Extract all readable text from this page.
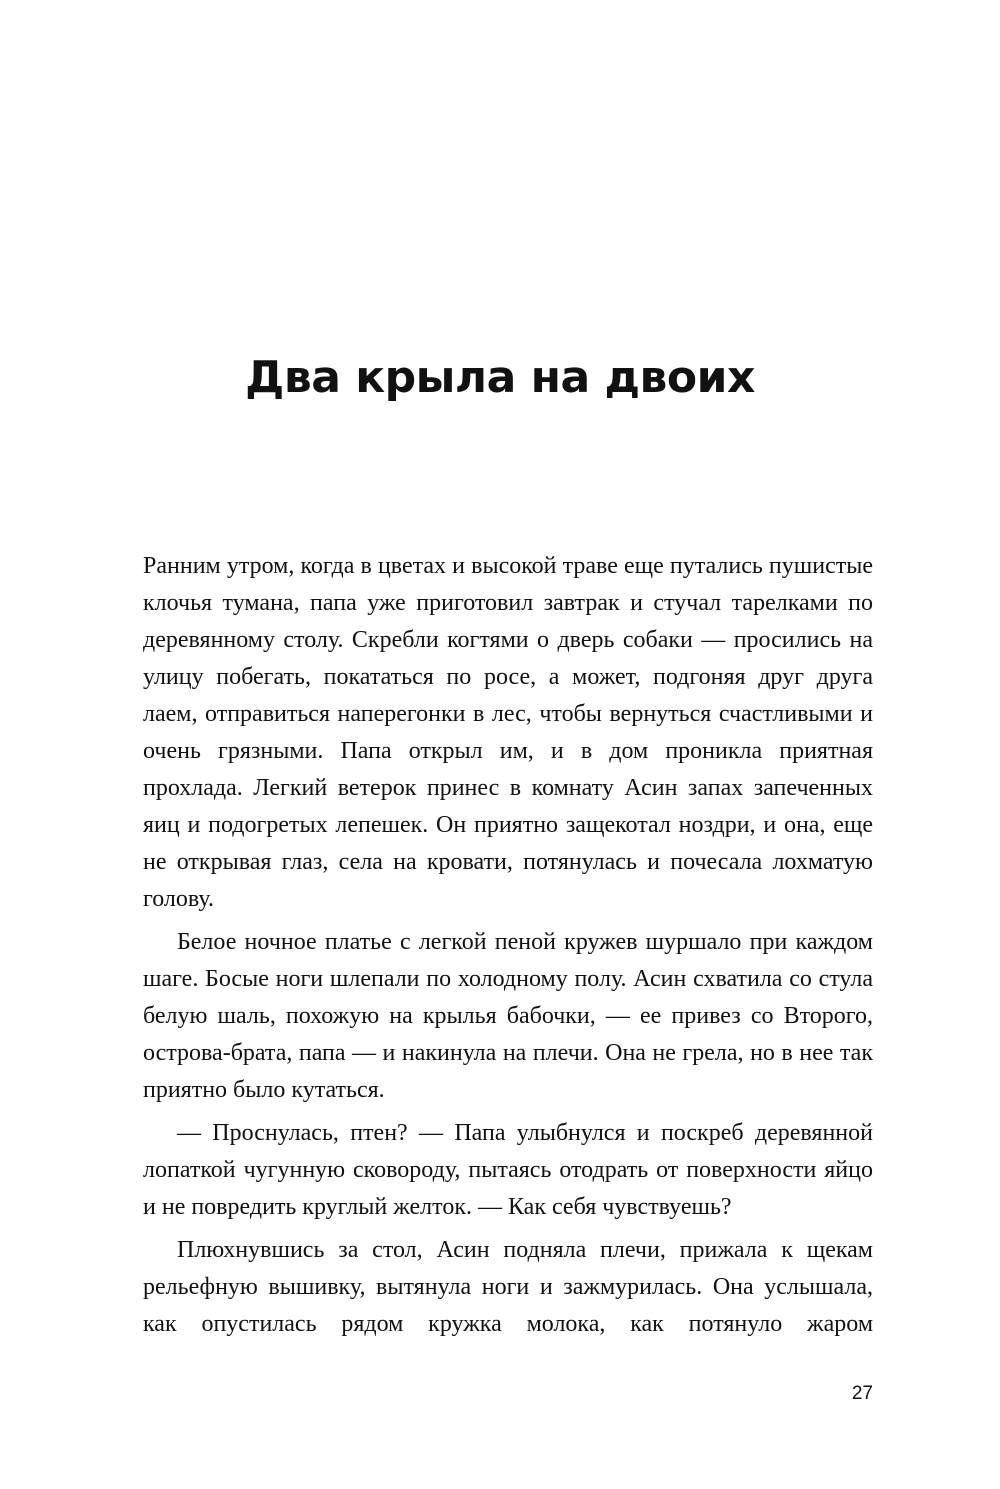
Два крыла на двоих

Ранним утром, когда в цветах и высокой траве еще путались пушистые клочья тумана, папа уже приготовил завтрак и стучал тарелками по деревянному столу. Скребли когтями о дверь собаки — просились на улицу побегать, покататься по росе, а может, подгоняя друг друга лаем, отправиться наперегонки в лес, чтобы вернуться счастливыми и очень грязными. Папа открыл им, и в дом проникла приятная прохлада. Легкий ветерок принес в комнату Асин запах запеченных яиц и подогретых лепешек. Он приятно защекотал ноздри, и она, еще не открывая глаз, села на кровати, потянулась и почесала лохматую голову.

Белое ночное платье с легкой пеной кружев шуршало при каждом шаге. Босые ноги шлепали по холодному полу. Асин схватила со стула белую шаль, похожую на крылья бабочки, — ее привез со Второго, острова-брата, папа — и накинула на плечи. Она не грела, но в нее так приятно было кутаться.

— Проснулась, птен? — Папа улыбнулся и поскреб деревянной лопаткой чугунную сковороду, пытаясь отодрать от поверхности яйцо и не повредить круглый желток. — Как себя чувствуешь?

Плюхнувшись за стол, Асин подняла плечи, прижала к щекам рельефную вышивку, вытянула ноги и зажмурилась. Она услышала, как опустилась рядом кружка молока, как потянуло жаром

27
